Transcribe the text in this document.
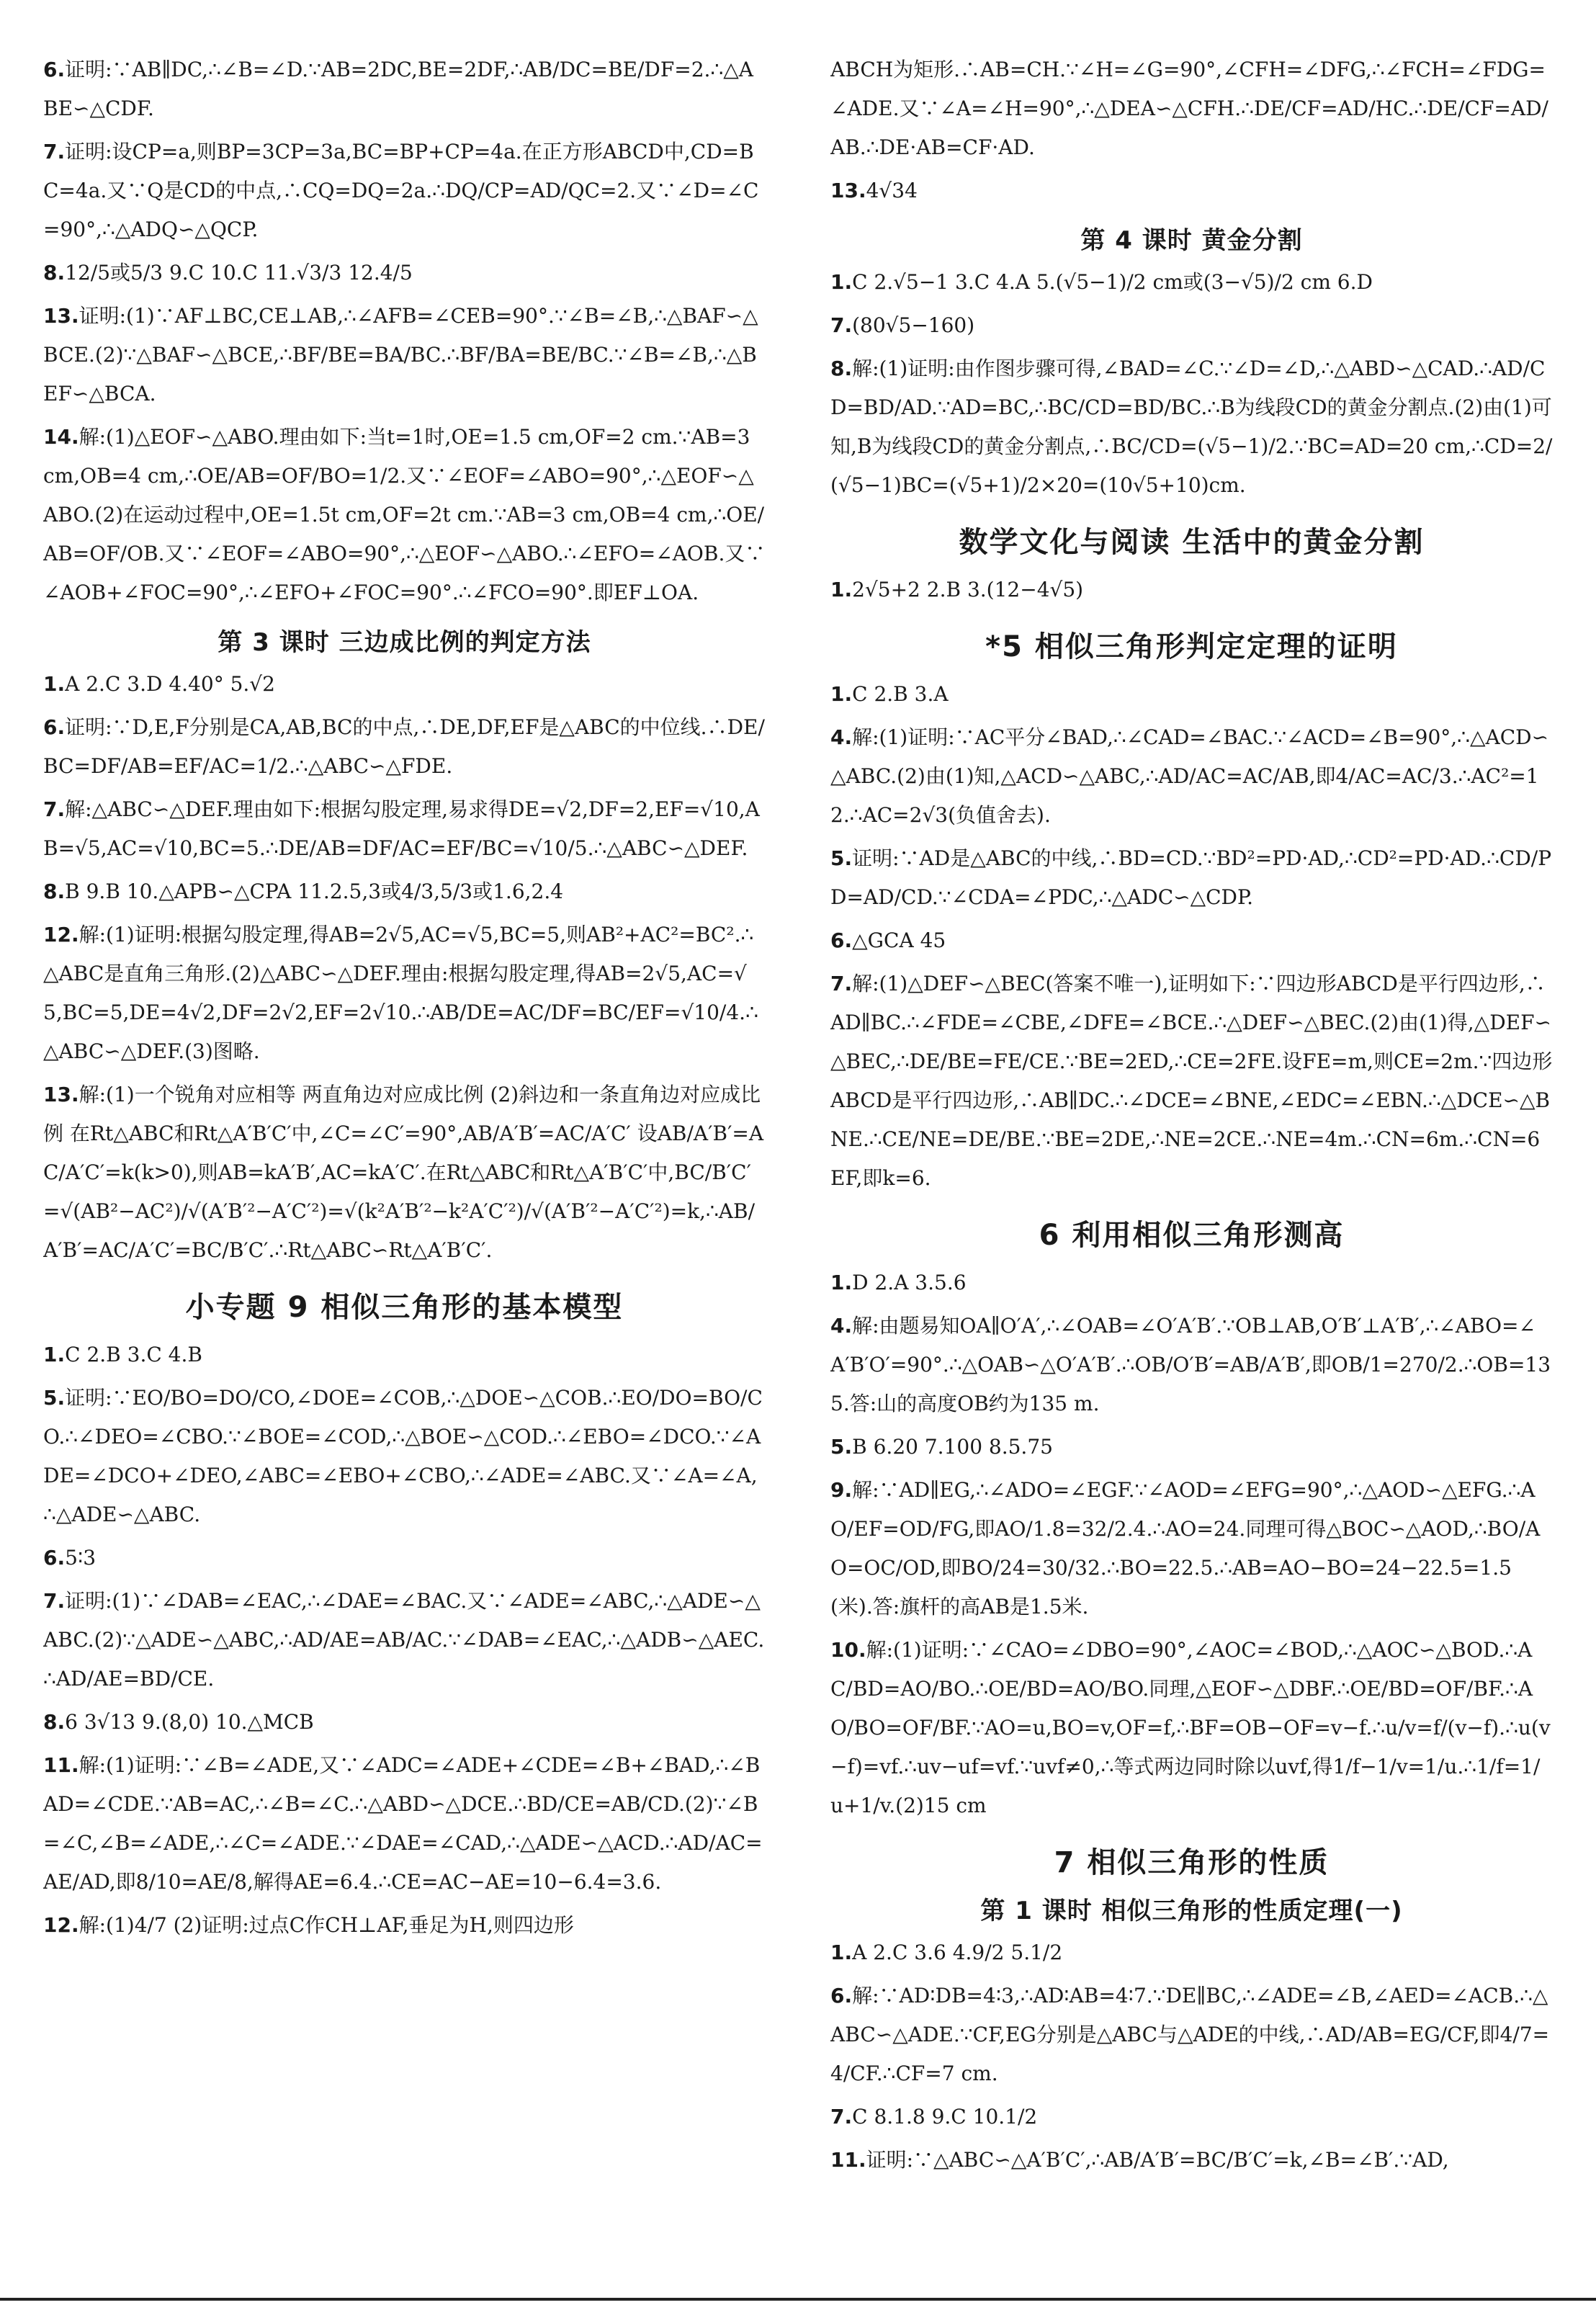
6.证明:∵AB∥DC,∴∠B=∠D.∵AB=2DC,BE=2DF,∴AB/DC=BE/DF=2.∴△ABE∽△CDF.
7.证明:设CP=a,则BP=3CP=3a,BC=BP+CP=4a.在正方形ABCD中,CD=BC=4a.又∵Q是CD的中点,∴CQ=DQ=2a.∴DQ/CP=AD/QC=2.又∵∠D=∠C=90°,∴△ADQ∽△QCP.
8.12/5或5/3 9.C 10.C 11.√3/3 12.4/5
13.证明:(1)∵AF⊥BC,CE⊥AB,∴∠AFB=∠CEB=90°.∵∠B=∠B,∴△BAF∽△BCE.(2)∵△BAF∽△BCE,∴BF/BE=BA/BC.∴BF/BA=BE/BC.∵∠B=∠B,∴△BEF∽△BCA.
14.解:(1)△EOF∽△ABO.理由如下:当t=1时,OE=1.5 cm,OF=2 cm.∵AB=3 cm,OB=4 cm,∴OE/AB=OF/BO=1/2.又∵∠EOF=∠ABO=90°,∴△EOF∽△ABO.(2)在运动过程中,OE=1.5t cm,OF=2t cm.∵AB=3 cm,OB=4 cm,∴OE/AB=OF/OB.又∵∠EOF=∠ABO=90°,∴△EOF∽△ABO.∴∠EFO=∠AOB.又∵∠AOB+∠FOC=90°,∴∠EFO+∠FOC=90°.∴∠FCO=90°.即EF⊥OA.
第 3 课时 三边成比例的判定方法
1.A 2.C 3.D 4.40° 5.√2
6.证明:∵D,E,F分别是CA,AB,BC的中点,∴DE,DF,EF是△ABC的中位线.∴DE/BC=DF/AB=EF/AC=1/2.∴△ABC∽△FDE.
7.解:△ABC∽△DEF.理由如下:根据勾股定理,易求得DE=√2,DF=2,EF=√10,AB=√5,AC=√10,BC=5.∴DE/AB=DF/AC=EF/BC=√10/5.∴△ABC∽△DEF.
8.B 9.B 10.△APB∽△CPA 11.2.5,3或4/3,5/3或1.6,2.4
12.解:(1)证明:根据勾股定理,得AB=2√5,AC=√5,BC=5,则AB²+AC²=BC².∴△ABC是直角三角形.(2)△ABC∽△DEF.理由:根据勾股定理,得AB=2√5,AC=√5,BC=5,DE=4√2,DF=2√2,EF=2√10.∴AB/DE=AC/DF=BC/EF=√10/4.∴△ABC∽△DEF.(3)图略.
13.解:(1)一个锐角对应相等 两直角边对应成比例 (2)斜边和一条直角边对应成比例 在Rt△ABC和Rt△A′B′C′中,∠C=∠C′=90°,AB/A′B′=AC/A′C′ 设AB/A′B′=AC/A′C′=k(k>0),则AB=kA′B′,AC=kA′C′.在Rt△ABC和Rt△A′B′C′中,BC/B′C′=√(AB²−AC²)/√(A′B′²−A′C′²)=√(k²A′B′²−k²A′C′²)/√(A′B′²−A′C′²)=k,∴AB/A′B′=AC/A′C′=BC/B′C′.∴Rt△ABC∽Rt△A′B′C′.
小专题 9 相似三角形的基本模型
1.C 2.B 3.C 4.B
5.证明:∵EO/BO=DO/CO,∠DOE=∠COB,∴△DOE∽△COB.∴EO/DO=BO/CO.∴∠DEO=∠CBO.∵∠BOE=∠COD,∴△BOE∽△COD.∴∠EBO=∠DCO.∵∠ADE=∠DCO+∠DEO,∠ABC=∠EBO+∠CBO,∴∠ADE=∠ABC.又∵∠A=∠A,∴△ADE∽△ABC.
6.5∶3
7.证明:(1)∵∠DAB=∠EAC,∴∠DAE=∠BAC.又∵∠ADE=∠ABC,∴△ADE∽△ABC.(2)∵△ADE∽△ABC,∴AD/AE=AB/AC.∵∠DAB=∠EAC,∴△ADB∽△AEC.∴AD/AE=BD/CE.
8.6 3√13 9.(8,0) 10.△MCB
11.解:(1)证明:∵∠B=∠ADE,又∵∠ADC=∠ADE+∠CDE=∠B+∠BAD,∴∠BAD=∠CDE.∵AB=AC,∴∠B=∠C.∴△ABD∽△DCE.∴BD/CE=AB/CD.(2)∵∠B=∠C,∠B=∠ADE,∴∠C=∠ADE.∵∠DAE=∠CAD,∴△ADE∽△ACD.∴AD/AC=AE/AD,即8/10=AE/8,解得AE=6.4.∴CE=AC−AE=10−6.4=3.6.
12.解:(1)4/7 (2)证明:过点C作CH⊥AF,垂足为H,则四边形
ABCH为矩形.∴AB=CH.∵∠H=∠G=90°,∠CFH=∠DFG,∴∠FCH=∠FDG=∠ADE.又∵∠A=∠H=90°,∴△DEA∽△CFH.∴DE/CF=AD/HC.∴DE/CF=AD/AB.∴DE·AB=CF·AD.
13.4√34
第 4 课时 黄金分割
1.C 2.√5−1 3.C 4.A 5.(√5−1)/2 cm或(3−√5)/2 cm 6.D
7.(80√5−160)
8.解:(1)证明:由作图步骤可得,∠BAD=∠C.∵∠D=∠D,∴△ABD∽△CAD.∴AD/CD=BD/AD.∵AD=BC,∴BC/CD=BD/BC.∴B为线段CD的黄金分割点.(2)由(1)可知,B为线段CD的黄金分割点,∴BC/CD=(√5−1)/2.∵BC=AD=20 cm,∴CD=2/(√5−1)BC=(√5+1)/2×20=(10√5+10)cm.
数学文化与阅读 生活中的黄金分割
1.2√5+2 2.B 3.(12−4√5)
*5 相似三角形判定定理的证明
1.C 2.B 3.A
4.解:(1)证明:∵AC平分∠BAD,∴∠CAD=∠BAC.∵∠ACD=∠B=90°,∴△ACD∽△ABC.(2)由(1)知,△ACD∽△ABC,∴AD/AC=AC/AB,即4/AC=AC/3.∴AC²=12.∴AC=2√3(负值舍去).
5.证明:∵AD是△ABC的中线,∴BD=CD.∵BD²=PD·AD,∴CD²=PD·AD.∴CD/PD=AD/CD.∵∠CDA=∠PDC,∴△ADC∽△CDP.
6.△GCA 45
7.解:(1)△DEF∽△BEC(答案不唯一),证明如下:∵四边形ABCD是平行四边形,∴AD∥BC.∴∠FDE=∠CBE,∠DFE=∠BCE.∴△DEF∽△BEC.(2)由(1)得,△DEF∽△BEC,∴DE/BE=FE/CE.∵BE=2ED,∴CE=2FE.设FE=m,则CE=2m.∵四边形ABCD是平行四边形,∴AB∥DC.∴∠DCE=∠BNE,∠EDC=∠EBN.∴△DCE∽△BNE.∴CE/NE=DE/BE.∵BE=2DE,∴NE=2CE.∴NE=4m.∴CN=6m.∴CN=6EF,即k=6.
6 利用相似三角形测高
1.D 2.A 3.5.6
4.解:由题易知OA∥O′A′,∴∠OAB=∠O′A′B′.∵OB⊥AB,O′B′⊥A′B′,∴∠ABO=∠A′B′O′=90°.∴△OAB∽△O′A′B′.∴OB/O′B′=AB/A′B′,即OB/1=270/2.∴OB=135.答:山的高度OB约为135 m.
5.B 6.20 7.100 8.5.75
9.解:∵AD∥EG,∴∠ADO=∠EGF.∵∠AOD=∠EFG=90°,∴△AOD∽△EFG.∴AO/EF=OD/FG,即AO/1.8=32/2.4.∴AO=24.同理可得△BOC∽△AOD,∴BO/AO=OC/OD,即BO/24=30/32.∴BO=22.5.∴AB=AO−BO=24−22.5=1.5(米).答:旗杆的高AB是1.5米.
10.解:(1)证明:∵∠CAO=∠DBO=90°,∠AOC=∠BOD,∴△AOC∽△BOD.∴AC/BD=AO/BO.∴OE/BD=AO/BO.同理,△EOF∽△DBF.∴OE/BD=OF/BF.∴AO/BO=OF/BF.∵AO=u,BO=v,OF=f,∴BF=OB−OF=v−f.∴u/v=f/(v−f).∴u(v−f)=vf.∴uv−uf=vf.∵uvf≠0,∴等式两边同时除以uvf,得1/f−1/v=1/u.∴1/f=1/u+1/v.(2)15 cm
7 相似三角形的性质
第 1 课时 相似三角形的性质定理(一)
1.A 2.C 3.6 4.9/2 5.1/2
6.解:∵AD∶DB=4∶3,∴AD∶AB=4∶7.∵DE∥BC,∴∠ADE=∠B,∠AED=∠ACB.∴△ABC∽△ADE.∵CF,EG分别是△ABC与△ADE的中线,∴AD/AB=EG/CF,即4/7=4/CF.∴CF=7 cm.
7.C 8.1.8 9.C 10.1/2
11.证明:∵△ABC∽△A′B′C′,∴AB/A′B′=BC/B′C′=k,∠B=∠B′.∵AD,
